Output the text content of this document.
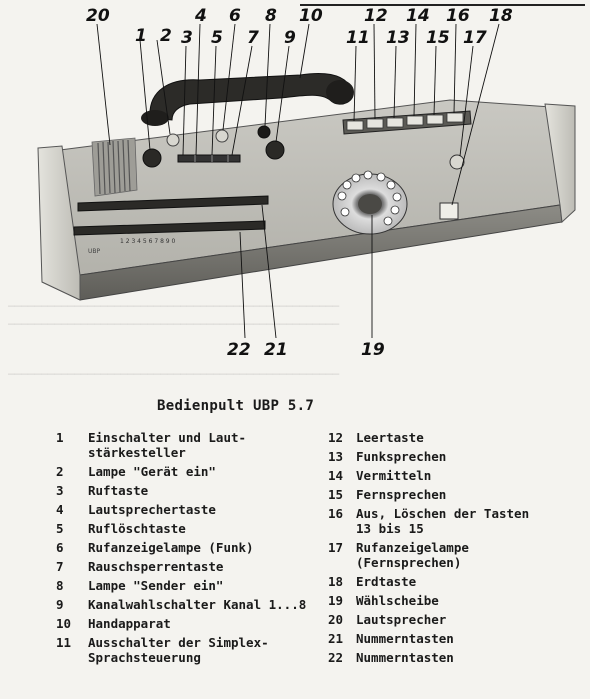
──────────────────────────────────────────────────
──────────────────────────────────────────────────
──────────────────────────────────────────────────
1 2 3 4 5 6 7 8 9 0
UBP
20
1 2 3
4
5
6
7
8
9
10
11
12
13
14
15
16
17
18
22 21	19
Bedienpult UBP 5.7
1	Einschalter und Laut-
stärkesteller
2	Lampe "Gerät ein"
3	Ruftaste
4	Lautsprechertaste
5	Ruflöschtaste
6	Rufanzeigelampe (Funk)
7	Rauschsperrentaste
8	Lampe "Sender ein"
9	Kanalwahlschalter Kanal 1...8
10	Handapparat
11	Ausschalter der Simplex-
Sprachsteuerung
12	Leertaste
13	Funksprechen
14	Vermitteln
15	Fernsprechen
16	Aus, Löschen der Tasten
13 bis 15
17	Rufanzeigelampe
(Fernsprechen)
18	Erdtaste
19	Wählscheibe
20	Lautsprecher
21	Nummerntasten
22	Nummerntasten
